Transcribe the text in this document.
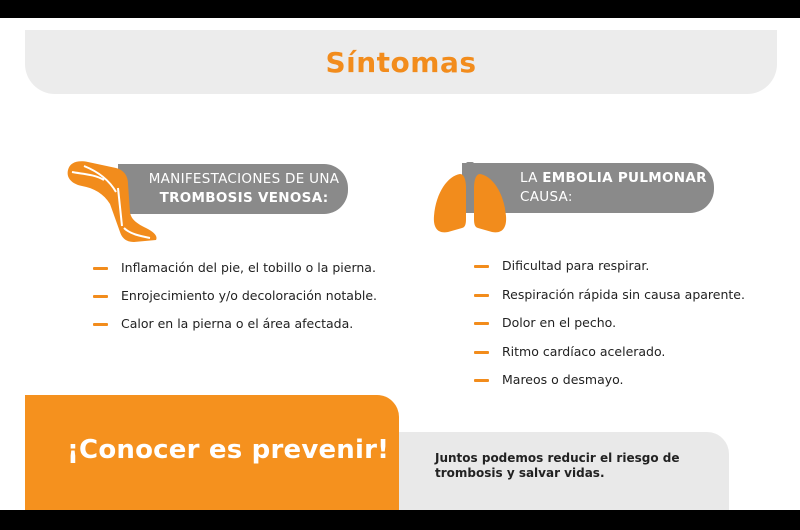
Síntomas
MANIFESTACIONES DE UNA
TROMBOSIS VENOSA:
LA EMBOLIA PULMONAR
CAUSA:
Inflamación del pie, el tobillo o la pierna.
Enrojecimiento y/o decoloración notable.
Calor en la pierna o el área afectada.
Dificultad para respirar.
Respiración rápida sin causa aparente.
Dolor en el pecho.
Ritmo cardíaco acelerado.
Mareos o desmayo.
Juntos podemos reducir el riesgo de trombosis y salvar vidas.
¡Conocer es prevenir!
